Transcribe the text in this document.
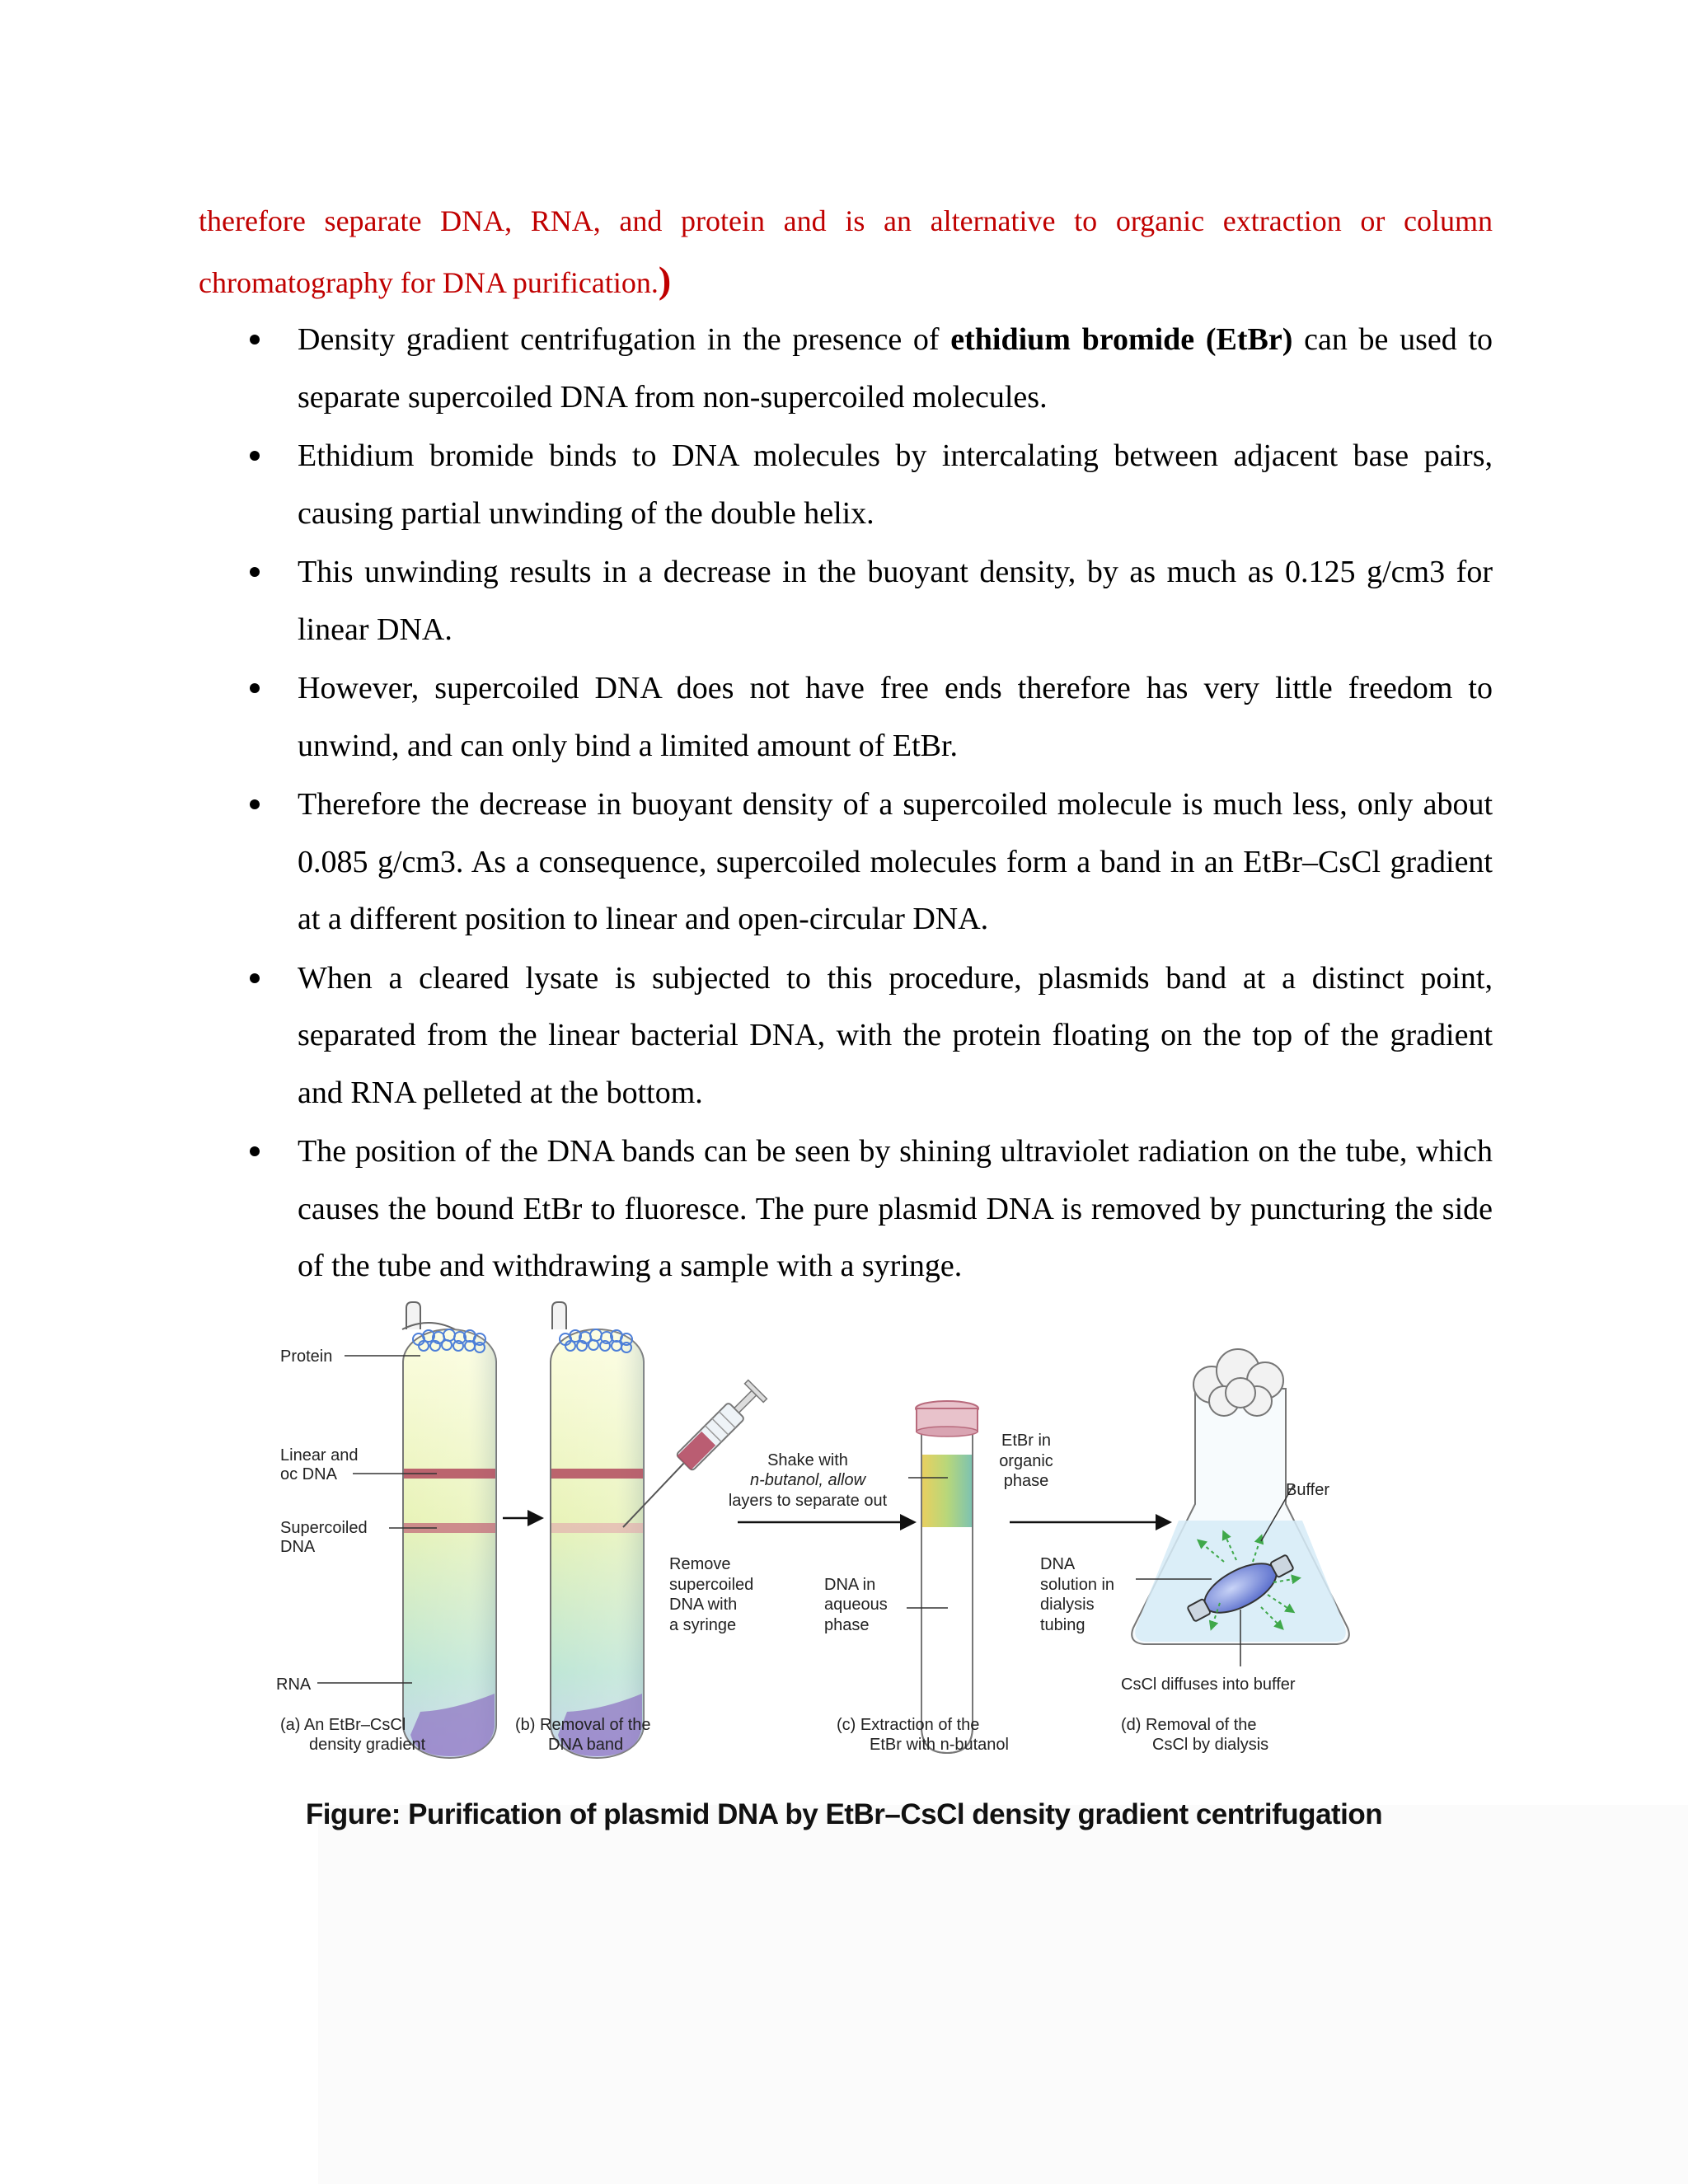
therefore separate DNA, RNA, and protein and is an alternative to organic extraction or column chromatography for DNA purification.)
Density gradient centrifugation in the presence of ethidium bromide (EtBr) can be used to separate supercoiled DNA from non-supercoiled molecules.
Ethidium bromide binds to DNA molecules by intercalating between adjacent base pairs, causing partial unwinding of the double helix.
This unwinding results in a decrease in the buoyant density, by as much as 0.125 g/cm3 for linear DNA.
However, supercoiled DNA does not have free ends therefore has very little freedom to unwind, and can only bind a limited amount of EtBr.
Therefore the decrease in buoyant density of a supercoiled molecule is much less, only about 0.085 g/cm3. As a consequence, supercoiled molecules form a band in an EtBr–CsCl gradient at a different position to linear and open-circular DNA.
When a cleared lysate is subjected to this procedure, plasmids band at a distinct point, separated from the linear bacterial DNA, with the protein floating on the top of the gradient and RNA pelleted at the bottom.
The position of the DNA bands can be seen by shining ultraviolet radiation on the tube, which causes the bound EtBr to fluoresce. The pure plasmid DNA is removed by puncturing the side of the tube and withdrawing a sample with a syringe.
Protein
Linear and
oc DNA
Supercoiled
DNA
RNA
Remove
supercoiled
DNA with
a syringe
Shake with
n-butanol, allow
layers to separate out
DNA in
aqueous
phase
EtBr in
organic
phase
DNA
solution in
dialysis
tubing
Buffer
CsCl diffuses into buffer
(a) An EtBr–CsCl
density gradient
(b) Removal of the
DNA band
(c) Extraction of the
EtBr with n-butanol
(d) Removal of the
CsCl by dialysis
Figure: Purification of plasmid DNA by EtBr–CsCl density gradient centrifugation
